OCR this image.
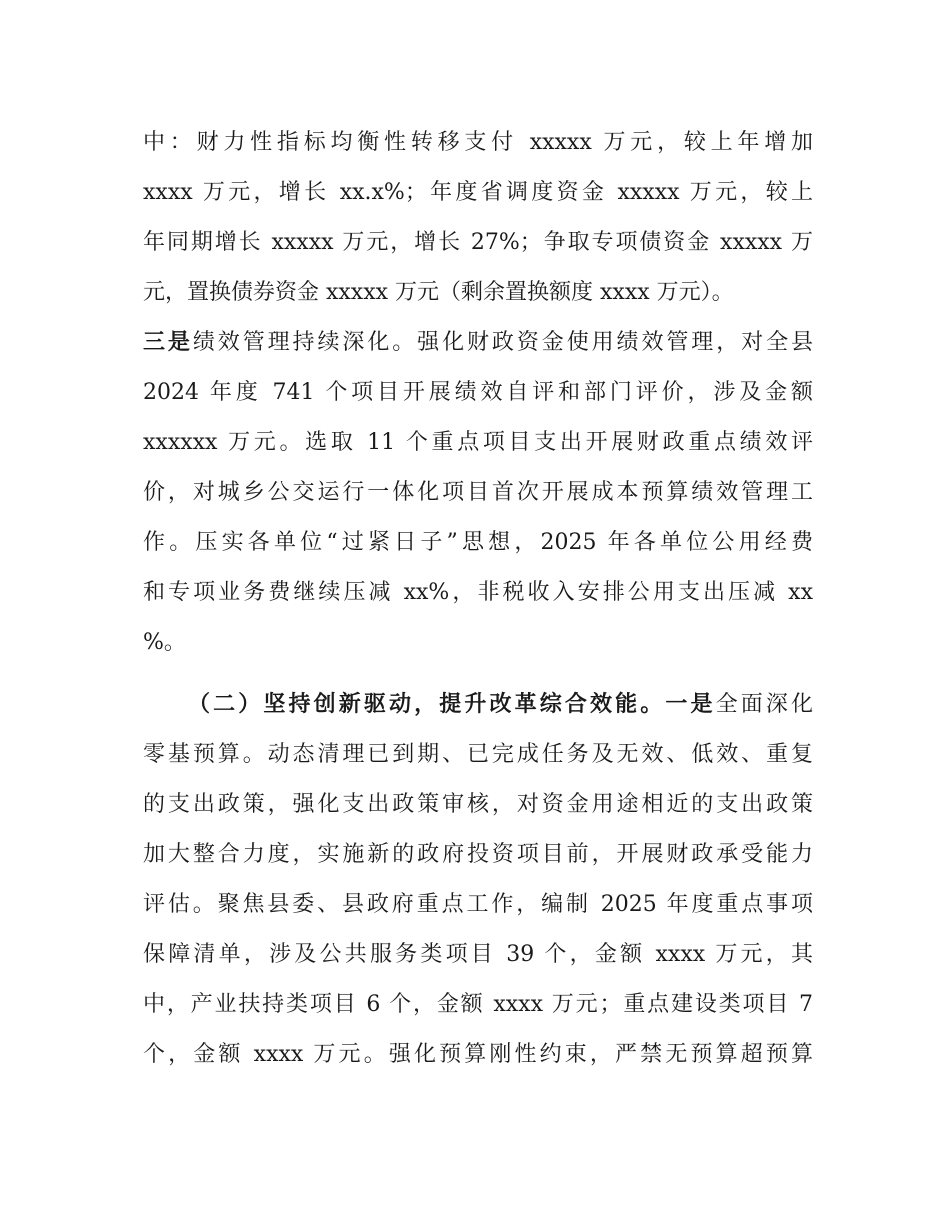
中：财力性指标均衡性转移支付 xxxxx 万元，较上年增加
xxxx 万元，增长 xx.x%；年度省调度资金 xxxxx 万元，较上
年同期增长 xxxxx 万元，增长 27%；争取专项债资金 xxxxx 万
元，置换债券资金 xxxxx 万元（剩余置换额度 xxxx 万元）。
三是绩效管理持续深化。强化财政资金使用绩效管理，对全县
2024 年度 741 个项目开展绩效自评和部门评价，涉及金额
xxxxxx 万元。选取 11 个重点项目支出开展财政重点绩效评
价，对城乡公交运行一体化项目首次开展成本预算绩效管理工
作。压实各单位“过紧日子”思想，2025 年各单位公用经费
和专项业务费继续压减 xx%，非税收入安排公用支出压减 xx
%。
（二）坚持创新驱动，提升改革综合效能。一是全面深化
零基预算。动态清理已到期、已完成任务及无效、低效、重复
的支出政策，强化支出政策审核，对资金用途相近的支出政策
加大整合力度，实施新的政府投资项目前，开展财政承受能力
评估。聚焦县委、县政府重点工作，编制 2025 年度重点事项
保障清单，涉及公共服务类项目 39 个，金额 xxxx 万元，其
中，产业扶持类项目 6 个，金额 xxxx 万元；重点建设类项目 7
个，金额 xxxx 万元。强化预算刚性约束，严禁无预算超预算
